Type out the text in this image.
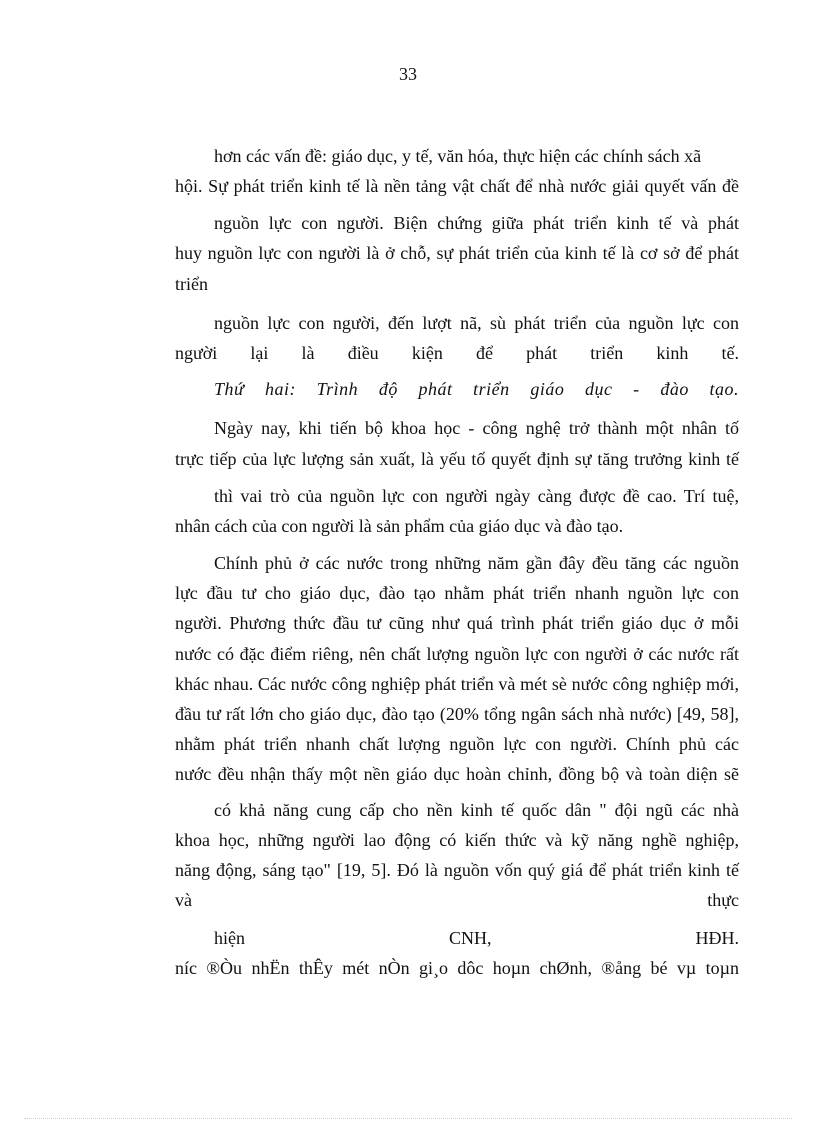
33
hơn các vấn đề: giáo dục, y tế, văn hóa, thực hiện các chính sách xã
hội. Sự phát triển kinh tế là nền tảng vật chất để nhà nước giải quyết vấn đề
nguồn lực con người. Biện chứng giữa phát triển kinh tế và phát
huy nguồn lực con người là ở chỗ, sự phát triển của kinh tế là cơ sở để phát
triển
nguồn lực con người, đến lượt nã, sù phát triển của nguồn lực con
người lại là điều kiện để phát triển kinh tế.
Thứ hai: Trình độ phát triển giáo dục - đào tạo.
Ngày nay, khi tiến bộ khoa học - công nghệ trở thành một nhân tố
trực tiếp của lực lượng sản xuất, là yếu tố quyết định sự tăng trưởng kinh tế
thì vai trò của nguồn lực con người ngày càng được đề cao. Trí tuệ,
nhân cách của con người là sản phẩm của giáo dục và đào tạo.
Chính phủ ở các nước trong những năm gần đây đều tăng các nguồn
lực đầu tư cho giáo dục, đào tạo nhằm phát triển nhanh nguồn lực con
người. Phương thức đầu tư cũng như quá trình phát triển giáo dục ở mỗi
nước có đặc điểm riêng, nên chất lượng nguồn lực con người ở các nước rất
khác nhau. Các nước công nghiệp phát triển và mét sè nước công nghiệp mới,
đầu tư rất lớn cho giáo dục, đào tạo (20% tổng ngân sách nhà nước) [49, 58],
nhằm phát triển nhanh chất lượng nguồn lực con người. Chính phủ các
nước đều nhận thấy một nền giáo dục hoàn chỉnh, đồng bộ và toàn diện sẽ
có khả năng cung cấp cho nền kinh tế quốc dân " đội ngũ các nhà
khoa học, những người lao động có kiến thức và kỹ năng nghề nghiệp,
năng động, sáng tạo" [19, 5]. Đó là nguồn vốn quý giá để phát triển kinh tế
và thực
hiện CNH, HĐH.
níc ®Òu nhËn thÊy mét nÒn gi¸o dôc hoµn chØnh, ®ång bé vµ toµn
